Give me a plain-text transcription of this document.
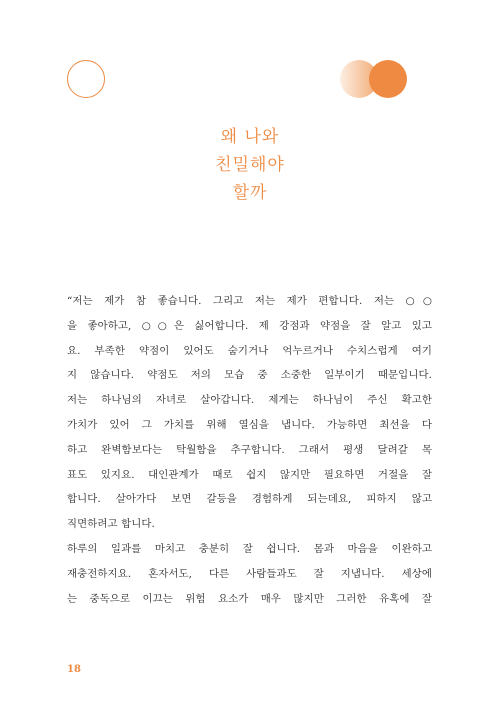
왜 나와
친밀해야
할까
“저는 제가 참 좋습니다. 그리고 저는 제가 편합니다. 저는 ○○
을 좋아하고, ○○은 싫어합니다. 제 강점과 약점을 잘 알고 있고
요. 부족한 약점이 있어도 숨기거나 억누르거나 수치스럽게 여기
지 않습니다. 약점도 저의 모습 중 소중한 일부이기 때문입니다.
저는 하나님의 자녀로 살아갑니다. 제게는 하나님이 주신 확고한
가치가 있어 그 가치를 위해 열심을 냅니다. 가능하면 최선을 다
하고 완벽함보다는 탁월함을 추구합니다. 그래서 평생 달려갈 목
표도 있지요. 대인관계가 때로 쉽지 않지만 필요하면 거절을 잘
합니다. 살아가다 보면 갈등을 경험하게 되는데요, 피하지 않고
직면하려고 합니다.
하루의 일과를 마치고 충분히 잘 쉽니다. 몸과 마음을 이완하고
재충전하지요. 혼자서도, 다른 사람들과도 잘 지냅니다. 세상에
는 중독으로 이끄는 위험 요소가 매우 많지만 그러한 유혹에 잘
18
